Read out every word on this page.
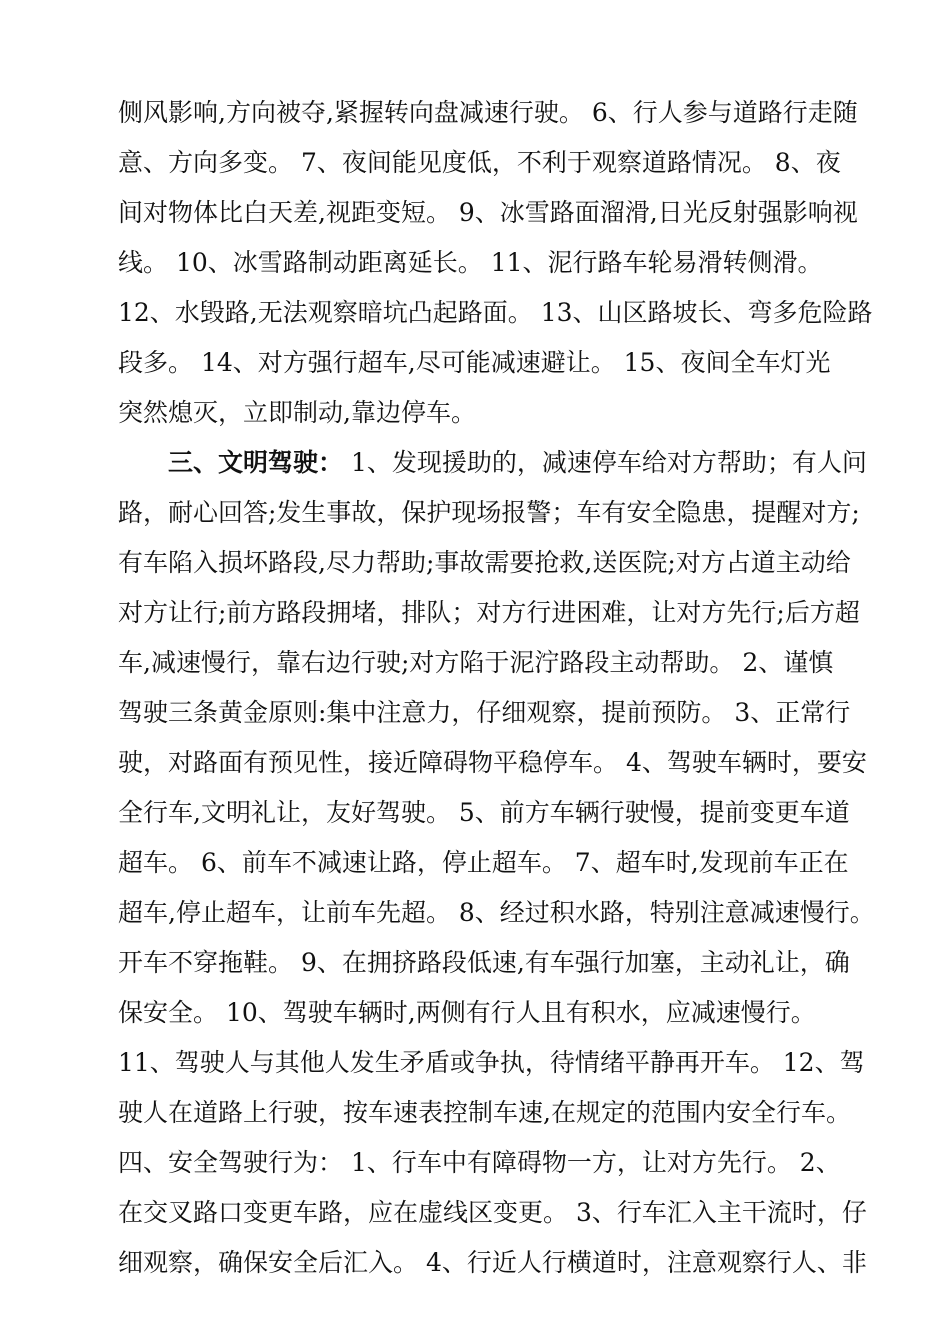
侧风影响,方向被夺,紧握转向盘减速行驶。 6、行人参与道路行走随
意、方向多变。 7、夜间能见度低，不利于观察道路情况。 8、夜
间对物体比白天差,视距变短。 9、冰雪路面溜滑,日光反射强影响视
线。 10、冰雪路制动距离延长。 11、泥行路车轮易滑转侧滑。
12、水毁路,无法观察暗坑凸起路面。 13、山区路坡长、弯多危险路
段多。 14、对方强行超车,尽可能减速避让。 15、夜间全车灯光
突然熄灭，立即制动,靠边停车。
三、文明驾驶： 1、发现援助的，减速停车给对方帮助；有人问
路，耐心回答;发生事故，保护现场报警；车有安全隐患，提醒对方;
有车陷入损坏路段,尽力帮助;事故需要抢救,送医院;对方占道主动给
对方让行;前方路段拥堵，排队；对方行进困难，让对方先行;后方超
车,减速慢行，靠右边行驶;对方陷于泥泞路段主动帮助。 2、谨慎
驾驶三条黄金原则:集中注意力，仔细观察，提前预防。 3、正常行
驶，对路面有预见性，接近障碍物平稳停车。 4、驾驶车辆时，要安
全行车,文明礼让，友好驾驶。 5、前方车辆行驶慢，提前变更车道
超车。 6、前车不减速让路，停止超车。 7、超车时,发现前车正在
超车,停止超车，让前车先超。 8、经过积水路，特别注意减速慢行。
开车不穿拖鞋。 9、在拥挤路段低速,有车强行加塞，主动礼让，确
保安全。 10、驾驶车辆时,两侧有行人且有积水，应减速慢行。
11、驾驶人与其他人发生矛盾或争执，待情绪平静再开车。 12、驾
驶人在道路上行驶，按车速表控制车速,在规定的范围内安全行车。
四、安全驾驶行为： 1、行车中有障碍物一方，让对方先行。 2、
在交叉路口变更车路，应在虚线区变更。 3、行车汇入主干流时，仔
细观察，确保安全后汇入。 4、行近人行横道时，注意观察行人、非
